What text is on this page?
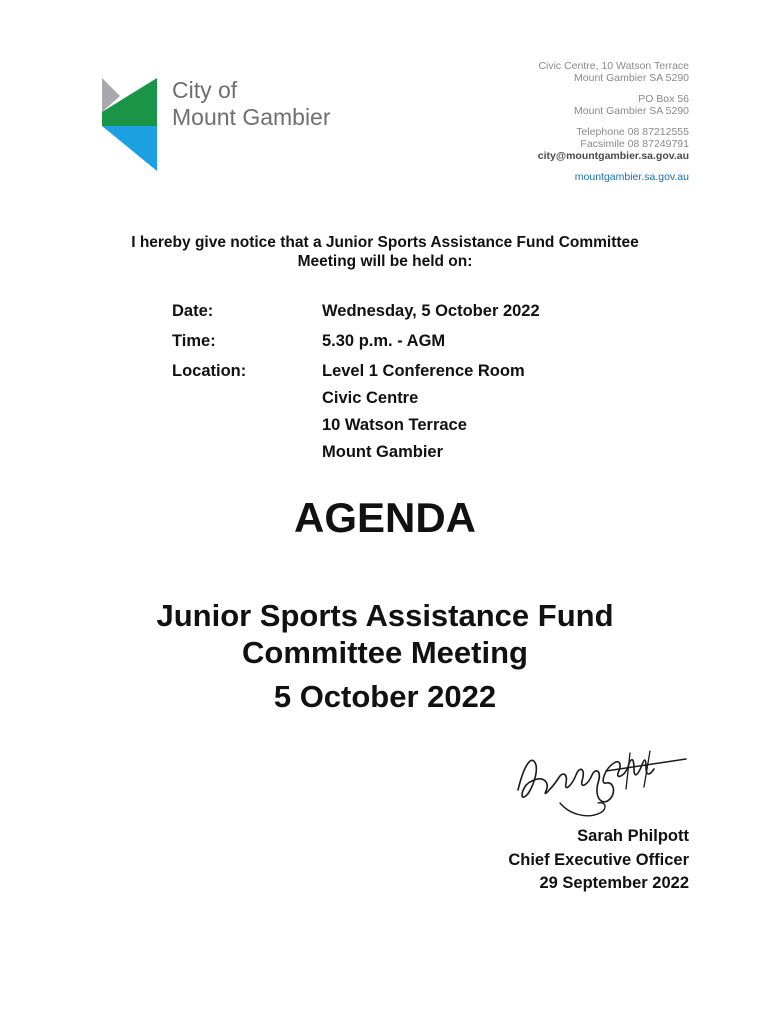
City of
Mount Gambier
Civic Centre, 10 Watson Terrace
Mount Gambier SA 5290
PO Box 56
Mount Gambier SA 5290
Telephone 08 87212555
Facsimile 08 87249791
city@mountgambier.sa.gov.au
mountgambier.sa.gov.au
I hereby give notice that a Junior Sports Assistance Fund Committee
Meeting will be held on:
Date:	Wednesday, 5 October 2022
Time:	5.30 p.m. - AGM
Location:	Level 1 Conference Room
Civic Centre
10 Watson Terrace
Mount Gambier
AGENDA
Junior Sports Assistance Fund
Committee Meeting
5 October 2022
Sarah Philpott
Chief Executive Officer
29 September 2022
